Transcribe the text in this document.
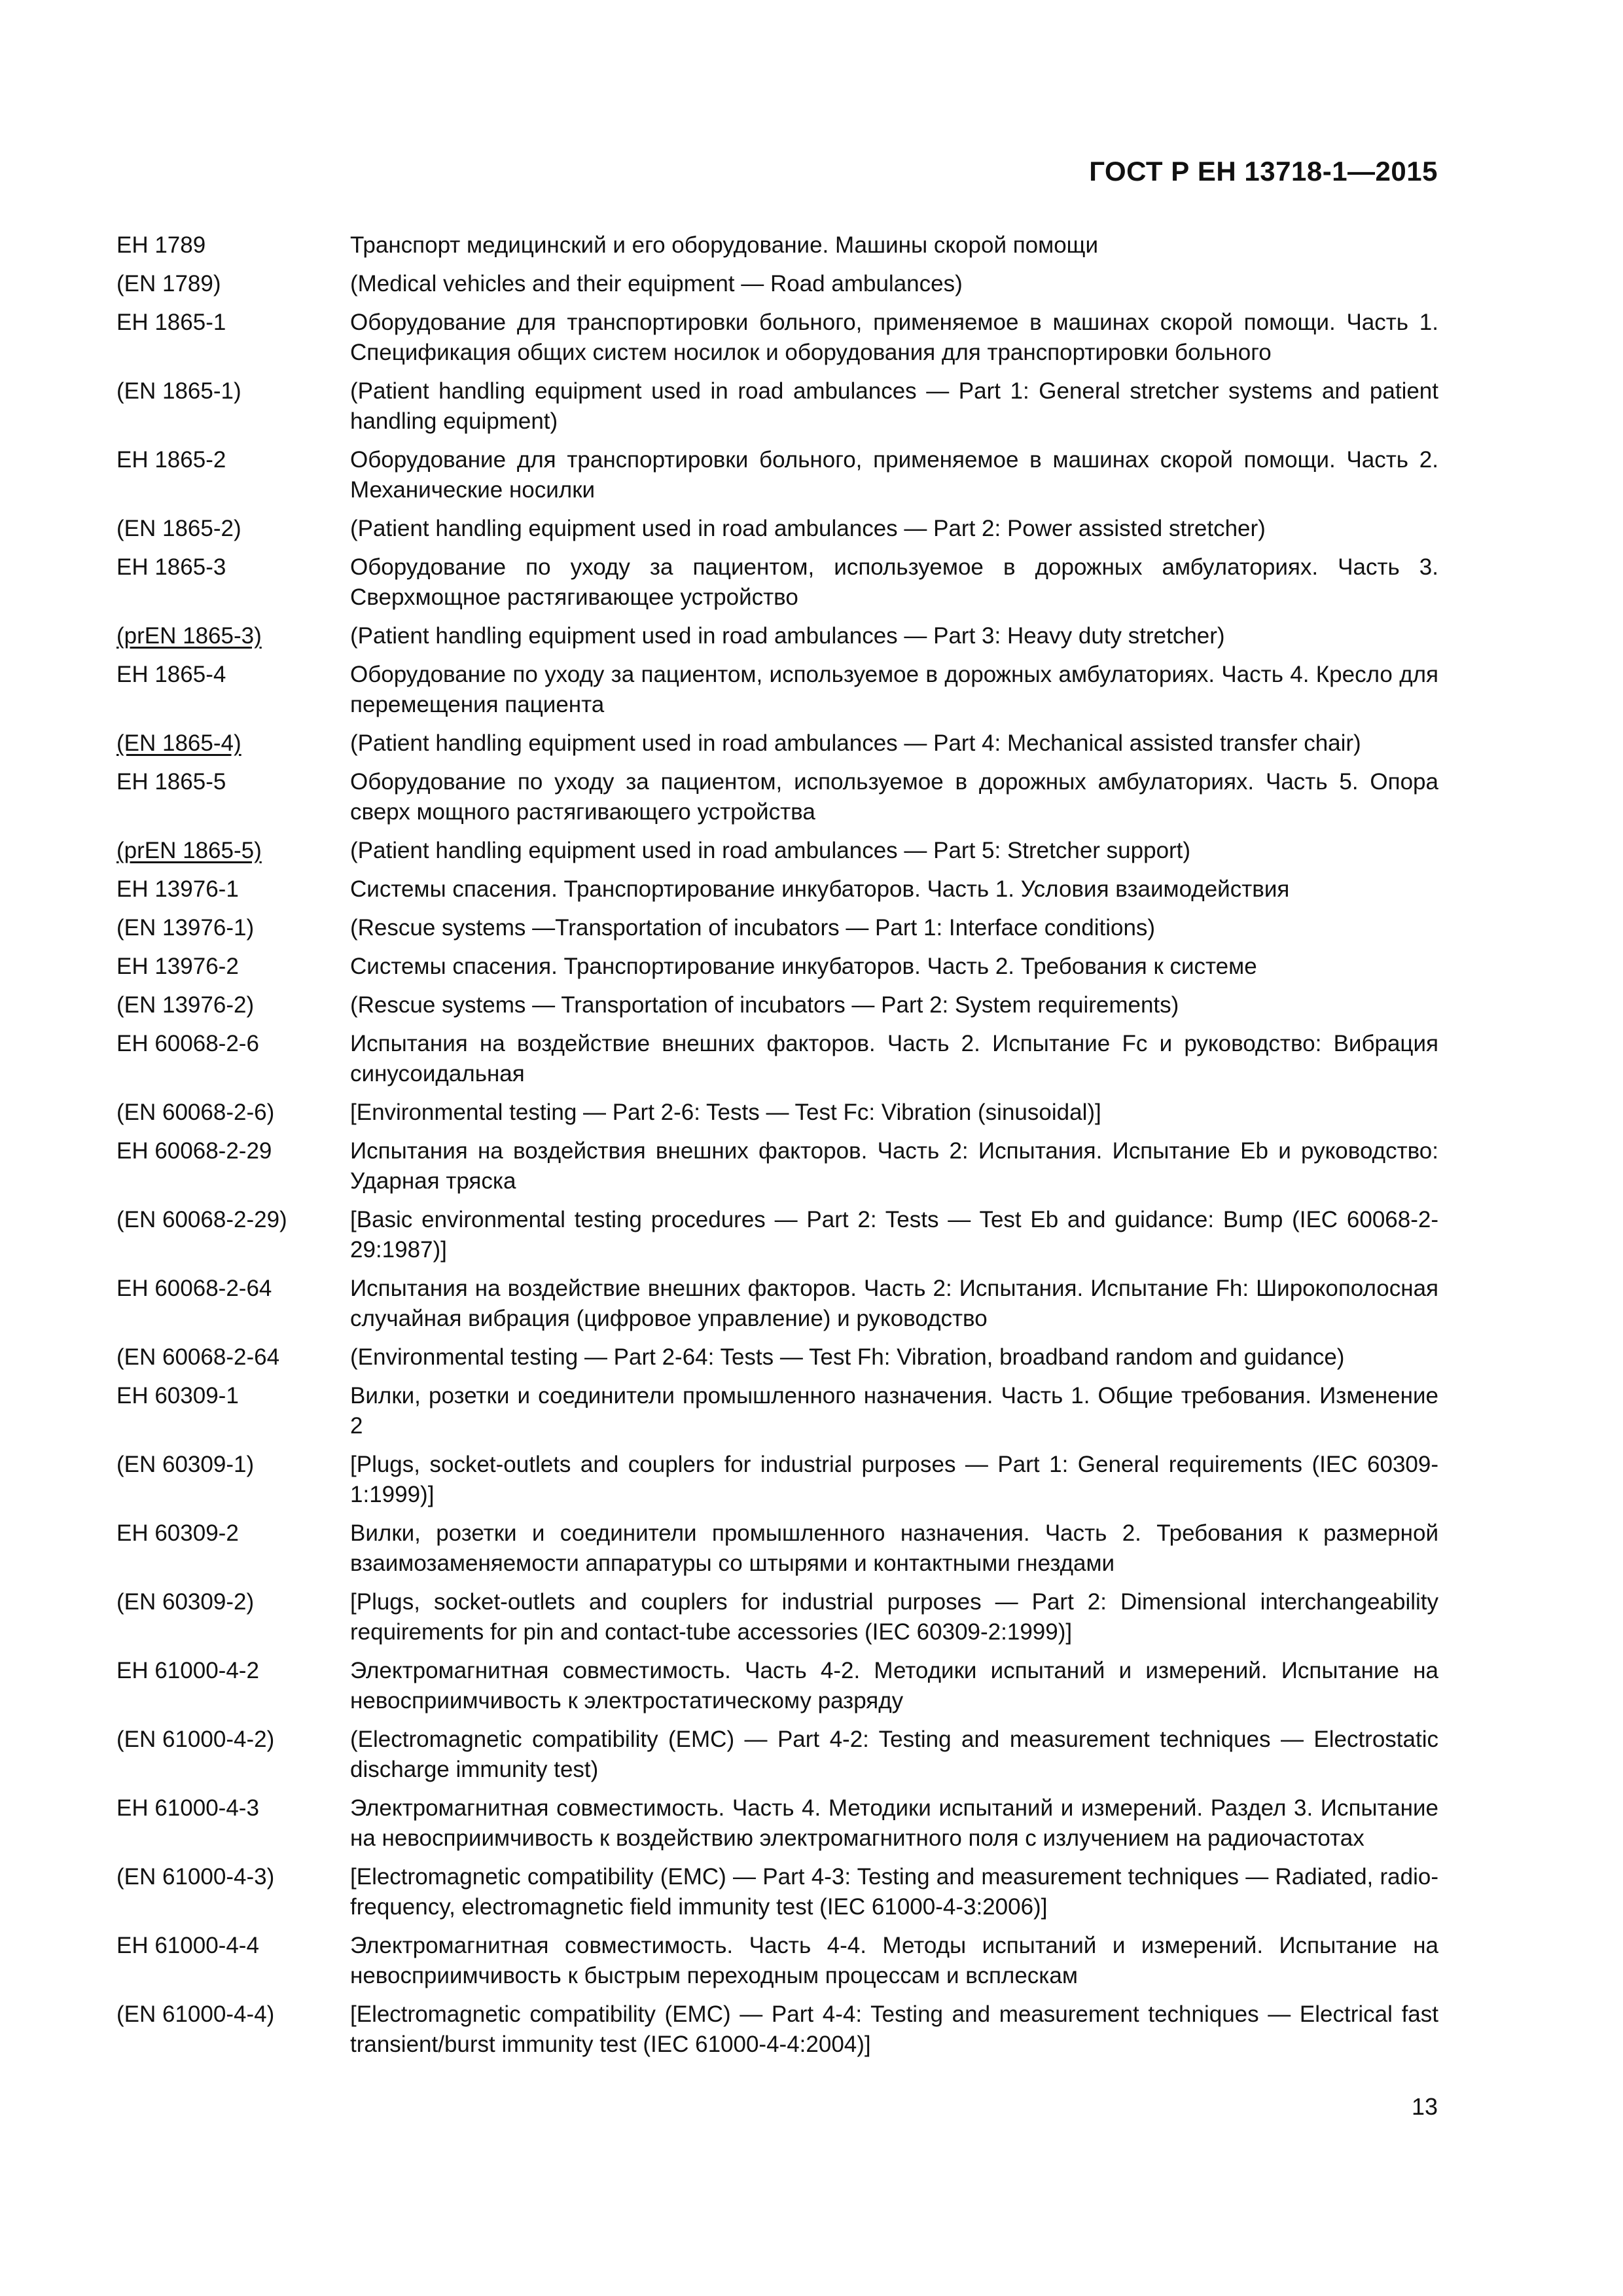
ГОСТ Р ЕН 13718-1—2015
ЕН 1789	Транспорт медицинский и его оборудование. Машины скорой помощи
(EN 1789)	(Medical vehicles and their equipment — Road ambulances)
ЕН 1865-1	Оборудование для транспортировки больного, применяемое в машинах скорой помощи. Часть 1. Спецификация общих систем носилок и оборудования для транспортировки больного
(EN 1865-1)	(Patient handling equipment used in road ambulances — Part 1: General stretcher systems and patient handling equipment)
ЕН 1865-2	Оборудование для транспортировки больного, применяемое в машинах скорой помощи. Часть 2. Механические носилки
(EN 1865-2)	(Patient handling equipment used in road ambulances — Part 2: Power assisted stretcher)
ЕН 1865-3	Оборудование по уходу за пациентом, используемое в дорожных амбулаториях. Часть 3. Сверхмощное растягивающее устройство
(prEN 1865-3)	(Patient handling equipment used in road ambulances — Part 3: Heavy duty stretcher)
ЕН 1865-4	Оборудование по уходу за пациентом, используемое в дорожных амбулаториях. Часть 4. Кресло для перемещения пациента
(EN 1865-4)	(Patient handling equipment used in road ambulances — Part 4: Mechanical assisted transfer chair)
ЕН 1865-5	Оборудование по уходу за пациентом, используемое в дорожных амбулаториях. Часть 5. Опора сверх мощного растягивающего устройства
(prEN 1865-5)	(Patient handling equipment used in road ambulances — Part 5: Stretcher support)
ЕН 13976-1	Системы спасения. Транспортирование инкубаторов. Часть 1. Условия взаимодействия
(EN 13976-1)	(Rescue systems —Transportation of incubators — Part 1: Interface conditions)
ЕН 13976-2	Системы спасения. Транспортирование инкубаторов. Часть 2. Требования к системе
(EN 13976-2)	(Rescue systems — Transportation of incubators — Part 2: System requirements)
ЕН 60068-2-6	Испытания на воздействие внешних факторов. Часть 2. Испытание Fc и руководство: Вибрация синусоидальная
(EN 60068-2-6)	[Environmental testing — Part 2-6: Tests — Test Fc: Vibration (sinusoidal)]
ЕН 60068-2-29	Испытания на воздействия внешних факторов. Часть 2: Испытания. Испытание Eb и руководство: Ударная тряска
(EN 60068-2-29)	[Basic environmental testing procedures — Part 2: Tests — Test Eb and guidance: Bump (IEC 60068-2-29:1987)]
ЕН 60068-2-64	Испытания на воздействие внешних факторов. Часть 2: Испытания. Испытание Fh: Широкополосная случайная вибрация (цифровое управление) и руководство
(EN 60068-2-64	(Environmental testing — Part 2-64: Tests — Test Fh: Vibration, broadband random and guidance)
ЕН 60309-1	Вилки, розетки и соединители промышленного назначения. Часть 1. Общие требования. Изменение 2
(EN 60309-1)	[Plugs, socket-outlets and couplers for industrial purposes — Part 1: General requirements (IEC 60309-1:1999)]
ЕН 60309-2	Вилки, розетки и соединители промышленного назначения. Часть 2. Требования к размерной взаимозаменяемости аппаратуры со штырями и контактными гнездами
(EN 60309-2)	[Plugs, socket-outlets and couplers for industrial purposes — Part 2: Dimensional interchangeability requirements for pin and contact-tube accessories (IEC 60309-2:1999)]
ЕН 61000-4-2	Электромагнитная совместимость. Часть 4-2. Методики испытаний и измерений. Испытание на невосприимчивость к электростатическому разряду
(EN 61000-4-2)	(Electromagnetic compatibility (EMC) — Part 4-2: Testing and measurement techniques — Electrostatic discharge immunity test)
ЕН 61000-4-3	Электромагнитная совместимость. Часть 4. Методики испытаний и измерений. Раздел 3. Испытание на невосприимчивость к воздействию электромагнитного поля с излучением на радиочастотах
(EN 61000-4-3)	[Electromagnetic compatibility (EMC) — Part 4-3: Testing and measurement techniques — Radiated, radio-frequency, electromagnetic field immunity test (IEC 61000-4-3:2006)]
ЕН 61000-4-4	Электромагнитная совместимость. Часть 4-4. Методы испытаний и измерений. Испытание на невосприимчивость к быстрым переходным процессам и всплескам
(EN 61000-4-4)	[Electromagnetic compatibility (EMC) — Part 4-4: Testing and measurement techniques — Electrical fast transient/burst immunity test (IEC 61000-4-4:2004)]
13
